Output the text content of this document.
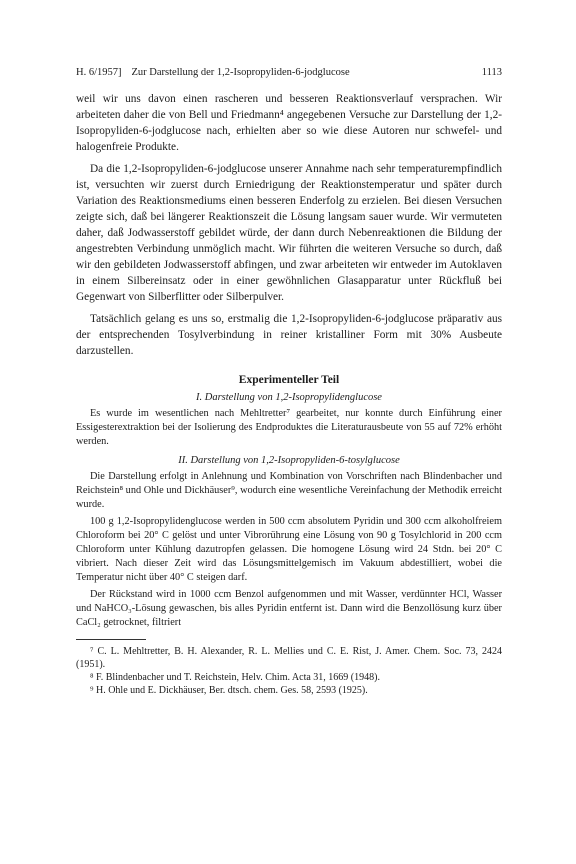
H. 6/1957] Zur Darstellung der 1,2-Isopropyliden-6-jodglucose	1113

weil wir uns davon einen rascheren und besseren Reaktionsverlauf versprachen. Wir arbeiteten daher die von Bell und Friedmann⁴ angegebenen Versuche zur Darstellung der 1,2-Isopropyliden-6-jodglucose nach, erhielten aber so wie diese Autoren nur schwefel- und halogenfreie Produkte.

Da die 1,2-Isopropyliden-6-jodglucose unserer Annahme nach sehr temperaturempfindlich ist, versuchten wir zuerst durch Erniedrigung der Reaktionstemperatur und später durch Variation des Reaktionsmediums einen besseren Enderfolg zu erzielen. Bei diesen Versuchen zeigte sich, daß bei längerer Reaktionszeit die Lösung langsam sauer wurde. Wir vermuteten daher, daß Jodwasserstoff gebildet würde, der dann durch Nebenreaktionen die Bildung der angestrebten Verbindung unmöglich macht. Wir führten die weiteren Versuche so durch, daß wir den gebildeten Jodwasserstoff abfingen, und zwar arbeiteten wir entweder im Autoklaven in einem Silbereinsatz oder in einer gewöhnlichen Glasapparatur unter Rückfluß bei Gegenwart von Silberflitter oder Silberpulver.

Tatsächlich gelang es uns so, erstmalig die 1,2-Isopropyliden-6-jodglucose präparativ aus der entsprechenden Tosylverbindung in reiner kristalliner Form mit 30% Ausbeute darzustellen.

Experimenteller Teil
I. Darstellung von 1,2-Isopropylidenglucose

Es wurde im wesentlichen nach Mehltretter⁷ gearbeitet, nur konnte durch Einführung einer Essigesterextraktion bei der Isolierung des Endproduktes die Literaturausbeute von 55 auf 72% erhöht werden.

II. Darstellung von 1,2-Isopropyliden-6-tosylglucose

Die Darstellung erfolgt in Anlehnung und Kombination von Vorschriften nach Blindenbacher und Reichstein⁸ und Ohle und Dickhäuser⁹, wodurch eine wesentliche Vereinfachung der Methodik erreicht wurde.

100 g 1,2-Isopropylidenglucose werden in 500 ccm absolutem Pyridin und 300 ccm alkoholfreiem Chloroform bei 20° C gelöst und unter Vibrorührung eine Lösung von 90 g Tosylchlorid in 200 ccm Chloroform unter Kühlung dazutropfen gelassen. Die homogene Lösung wird 24 Stdn. bei 20° C vibriert. Nach dieser Zeit wird das Lösungsmittelgemisch im Vakuum abdestilliert, wobei die Temperatur nicht über 40° C steigen darf.

Der Rückstand wird in 1000 ccm Benzol aufgenommen und mit Wasser, verdünnter HCl, Wasser und NaHCO₃-Lösung gewaschen, bis alles Pyridin entfernt ist. Dann wird die Benzollösung kurz über CaCl₂ getrocknet, filtriert

⁷ C. L. Mehltretter, B. H. Alexander, R. L. Mellies und C. E. Rist, J. Amer. Chem. Soc. 73, 2424 (1951).
⁸ F. Blindenbacher und T. Reichstein, Helv. Chim. Acta 31, 1669 (1948).
⁹ H. Ohle und E. Dickhäuser, Ber. dtsch. chem. Ges. 58, 2593 (1925).
